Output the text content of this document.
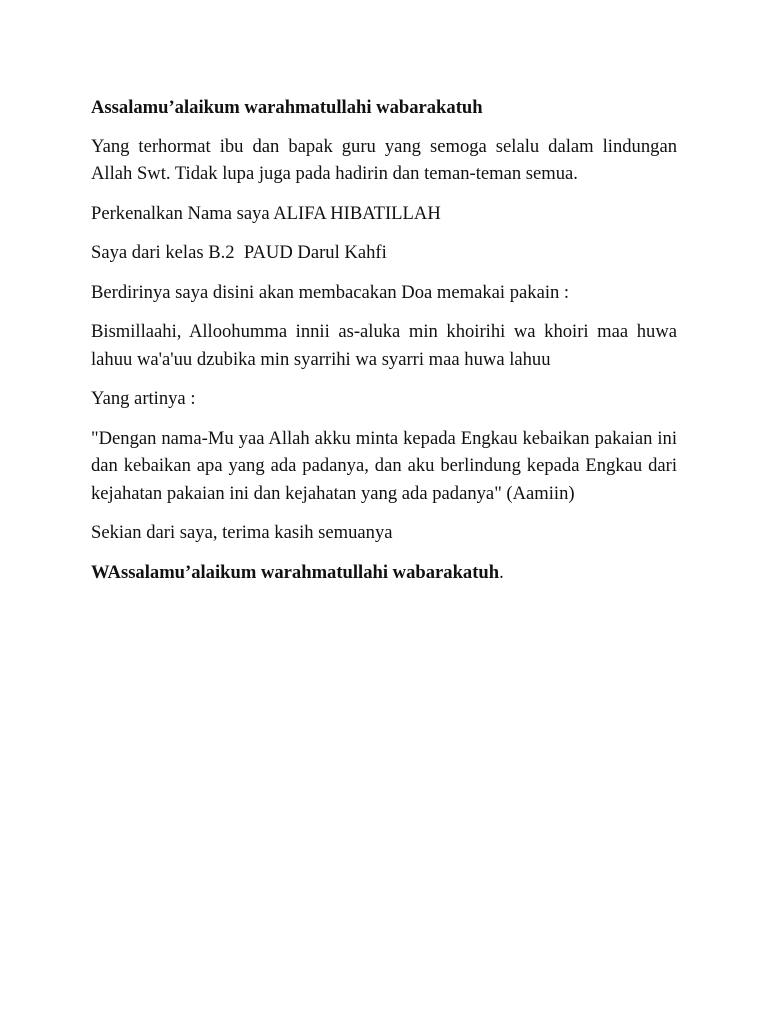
Assalamu’alaikum warahmatullahi wabarakatuh

Yang terhormat ibu dan bapak guru yang semoga selalu dalam lindungan Allah Swt. Tidak lupa juga pada hadirin dan teman-teman semua.

Perkenalkan Nama saya ALIFA HIBATILLAH

Saya dari kelas B.2  PAUD Darul Kahfi

Berdirinya saya disini akan membacakan Doa memakai pakain :

Bismillaahi, Alloohumma innii as-aluka min khoirihi wa khoiri maa huwa lahuu wa'a'uu dzubika min syarrihi wa syarri maa huwa lahuu

Yang artinya :

"Dengan nama-Mu yaa Allah akku minta kepada Engkau kebaikan pakaian ini dan kebaikan apa yang ada padanya, dan aku berlindung kepada Engkau dari kejahatan pakaian ini dan kejahatan yang ada padanya" (Aamiin)

Sekian dari saya, terima kasih semuanya

WAssalamu’alaikum warahmatullahi wabarakatuh.
